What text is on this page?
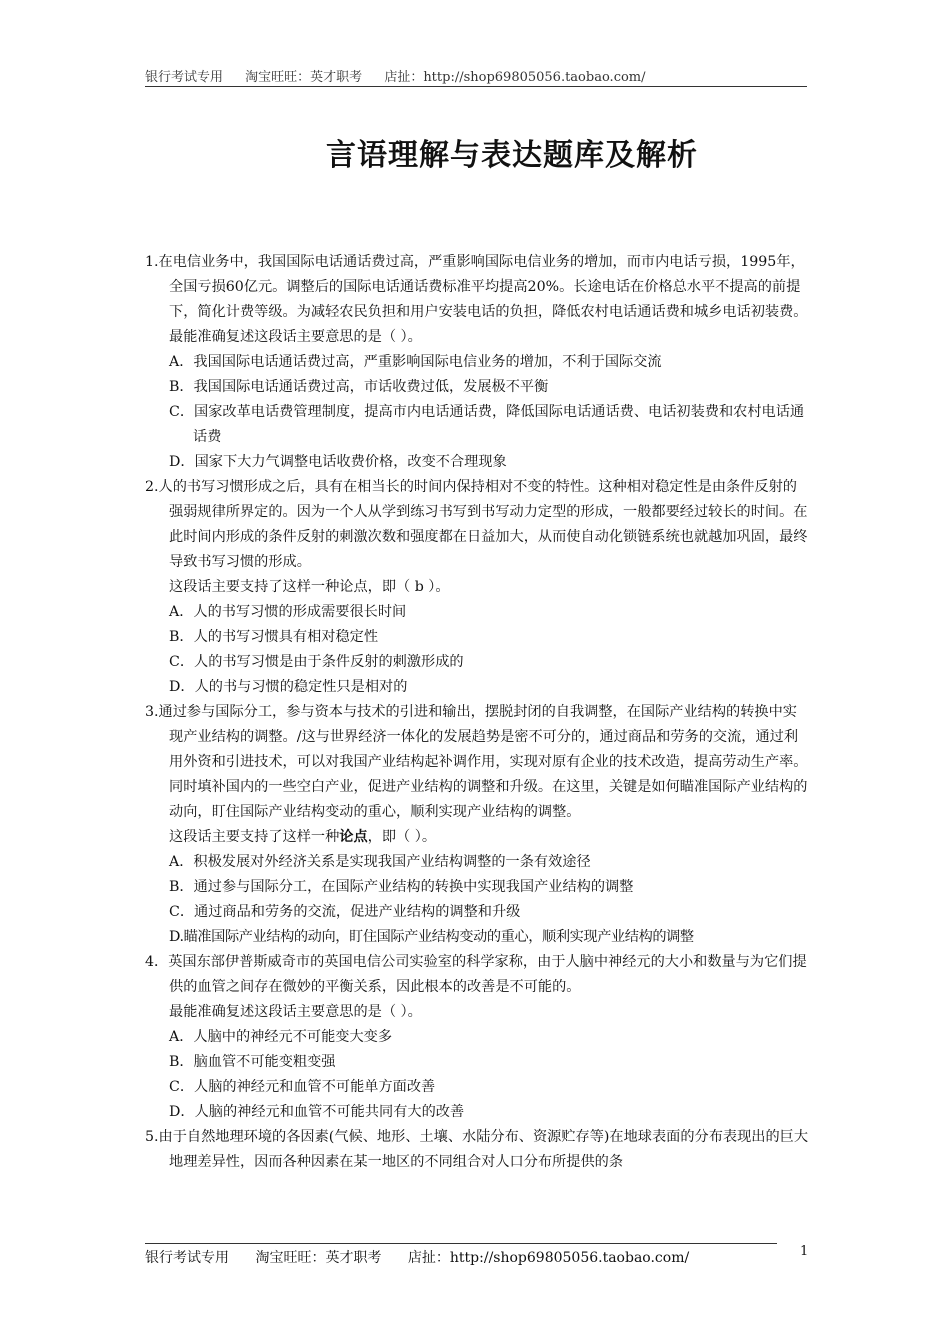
银行考试专用 淘宝旺旺：英才职考 店扯：http://shop69805056.taobao.com/
言语理解与表达题库及解析
1.在电信业务中，我国国际电话通话费过高，严重影响国际电信业务的增加，而市内电话亏损，1995年，全国亏损60亿元。调整后的国际电话通话费标准平均提高20%。长途电话在价格总水平不提高的前提下，简化计费等级。为减轻农民负担和用户安装电话的负担，降低农村电话通话费和城乡电话初装费。
最能准确复述这段话主要意思的是（ ）。
A．我国国际电话通话费过高，严重影响国际电信业务的增加，不利于国际交流
B．我国国际电话通话费过高，市话收费过低，发展极不平衡
C．国家改革电话费管理制度，提高市内电话通话费，降低国际电话通话费、电话初装费和农村电话通话费
D．国家下大力气调整电话收费价格，改变不合理现象
2.人的书写习惯形成之后，具有在相当长的时间内保持相对不变的特性。这种相对稳定性是由条件反射的强弱规律所界定的。因为一个人从学到练习书写到书写动力定型的形成，一般都要经过较长的时间。在此时间内形成的条件反射的刺激次数和强度都在日益加大，从而使自动化锁链系统也就越加巩固，最终导致书写习惯的形成。
这段话主要支持了这样一种论点，即（ b ）。
A．人的书写习惯的形成需要很长时间
B．人的书写习惯具有相对稳定性
C．人的书写习惯是由于条件反射的刺激形成的
D．人的书与习惯的稳定性只是相对的
3.通过参与国际分工，参与资本与技术的引进和输出，摆脱封闭的自我调整，在国际产业结构的转换中实现产业结构的调整。/这与世界经济一体化的发展趋势是密不可分的，通过商品和劳务的交流，通过利用外资和引进技术，可以对我国产业结构起补调作用，实现对原有企业的技术改造，提高劳动生产率。同时填补国内的一些空白产业，促进产业结构的调整和升级。在这里，关键是如何瞄准国际产业结构的动向，盯住国际产业结构变动的重心，顺利实现产业结构的调整。
这段话主要支持了这样一种论点，即（ ）。
A．积极发展对外经济关系是实现我国产业结构调整的一条有效途径
B．通过参与国际分工，在国际产业结构的转换中实现我国产业结构的调整
C．通过商品和劳务的交流，促进产业结构的调整和升级
D.瞄准国际产业结构的动向，盯住国际产业结构变动的重心，顺利实现产业结构的调整
4．英国东部伊普斯威奇市的英国电信公司实验室的科学家称，由于人脑中神经元的大小和数量与为它们提供的血管之间存在微妙的平衡关系，因此根本的改善是不可能的。
最能准确复述这段话主要意思的是（ ）。
A．人脑中的神经元不可能变大变多
B．脑血管不可能变粗变强
C．人脑的神经元和血管不可能单方面改善
D．人脑的神经元和血管不可能共同有大的改善
5.由于自然地理环境的各因素(气候、地形、土壤、水陆分布、资源贮存等)在地球表面的分布表现出的巨大地理差异性，因而各种因素在某一地区的不同组合对人口分布所提供的条
银行考试专用 淘宝旺旺：英才职考 店扯：http://shop69805056.taobao.com/	1
